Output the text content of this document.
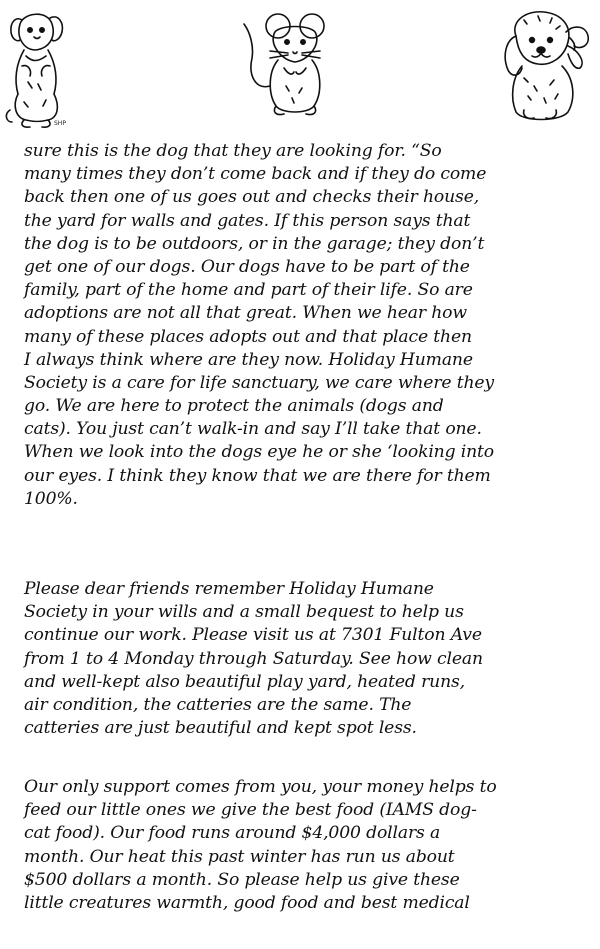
SHP
sure this is the dog that they are looking for. “So
many times they don’t come back and if they do come
back then one of us goes out and checks their house,
the yard for walls and gates. If this person says that
the dog is to be outdoors, or in the garage; they don’t
get one of our dogs. Our dogs have to be part of the
family, part of the home and part of their life. So are
adoptions are not all that great. When we hear how
many of these places adopts out and that place then
I always think where are they now. Holiday Humane
Society is a care for life sanctuary, we care where they
go. We are here to protect the animals (dogs and
cats). You just can’t walk-in and say I’ll take that one.
When we look into the dogs eye he or she ‘looking into
our eyes. I think they know that we are there for them
100%.
Please dear friends remember Holiday Humane
Society in your wills and a small bequest to help us
continue our work. Please visit us at 7301 Fulton Ave
from 1 to 4 Monday through Saturday. See how clean
and well-kept also beautiful play yard, heated runs,
air condition, the catteries are the same. The
catteries are just beautiful and kept spot less.
Our only support comes from you, your money helps to
feed our little ones we give the best food (IAMS dog-
cat food). Our food runs around $4,000 dollars a
month. Our heat this past winter has run us about
$500 dollars a month. So please help us give these
little creatures warmth, good food and best medical
